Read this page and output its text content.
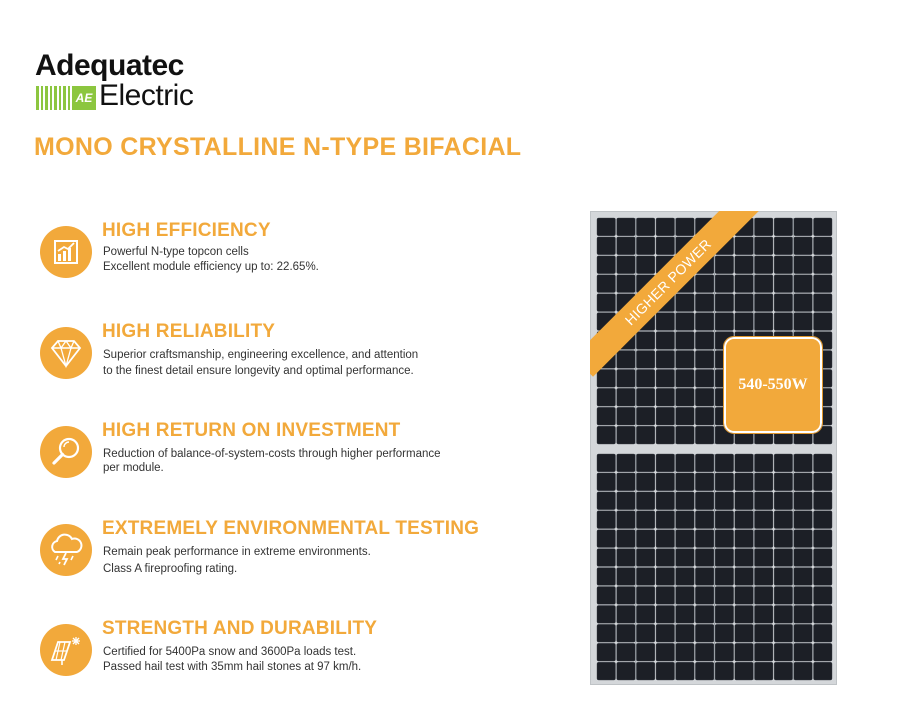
Adequatec
AE Electric
MONO CRYSTALLINE N-TYPE BIFACIAL
HIGH EFFICIENCY
Powerful N-type topcon cells
Excellent module efficiency up to: 22.65%.
HIGH RELIABILITY
Superior craftsmanship, engineering excellence, and attention
to the finest detail ensure longevity and optimal performance.
HIGH RETURN ON INVESTMENT
Reduction of balance-of-system-costs through higher performance
per module.
EXTREMELY ENVIRONMENTAL TESTING
Remain peak performance in extreme environments.
Class A fireproofing rating.
STRENGTH AND DURABILITY
Certified for 5400Pa snow and 3600Pa loads test.
Passed hail test with 35mm hail stones at 97 km/h.
HIGHER POWER
540-550W
